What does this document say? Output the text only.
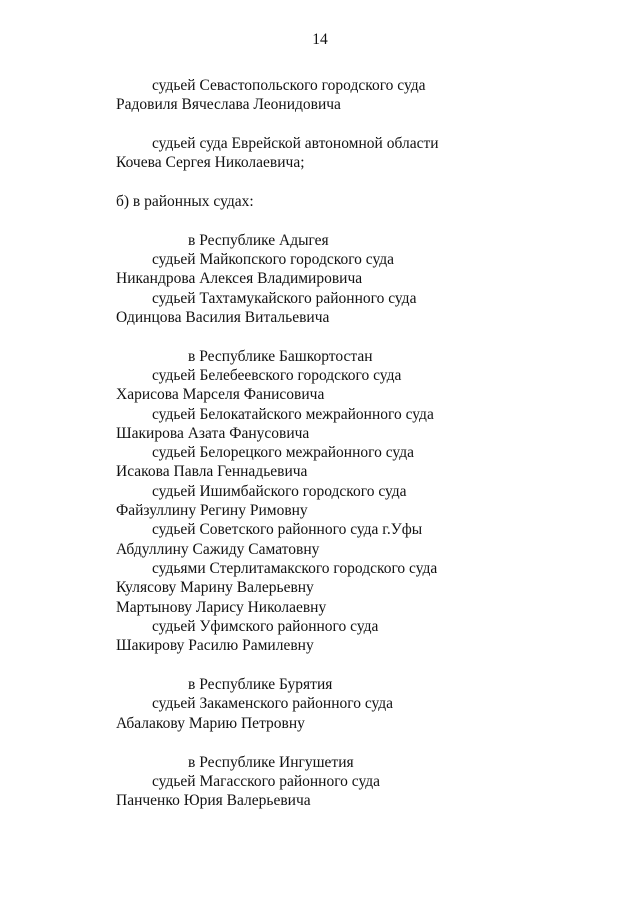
14
судьей Севастопольского городского суда
Радовиля Вячеслава Леонидовича
судьей суда Еврейской автономной области
Кочева Сергея Николаевича;
б) в районных судах:
в Республике Адыгея
судьей Майкопского городского суда
Никандрова Алексея Владимировича
судьей Тахтамукайского районного суда
Одинцова Василия Витальевича
в Республике Башкортостан
судьей Белебеевского городского суда
Харисова Марселя Фанисовича
судьей Белокатайского межрайонного суда
Шакирова Азата Фанусовича
судьей Белорецкого межрайонного суда
Исакова Павла Геннадьевича
судьей Ишимбайского городского суда
Файзуллину Регину Римовну
судьей Советского районного суда г.Уфы
Абдуллину Сажиду Саматовну
судьями Стерлитамакского городского суда
Кулясову Марину Валерьевну
Мартынову Ларису Николаевну
судьей Уфимского районного суда
Шакирову Расилю Рамилевну
в Республике Бурятия
судьей Закаменского районного суда
Абалакову Марию Петровну
в Республике Ингушетия
судьей Магасского районного суда
Панченко Юрия Валерьевича
